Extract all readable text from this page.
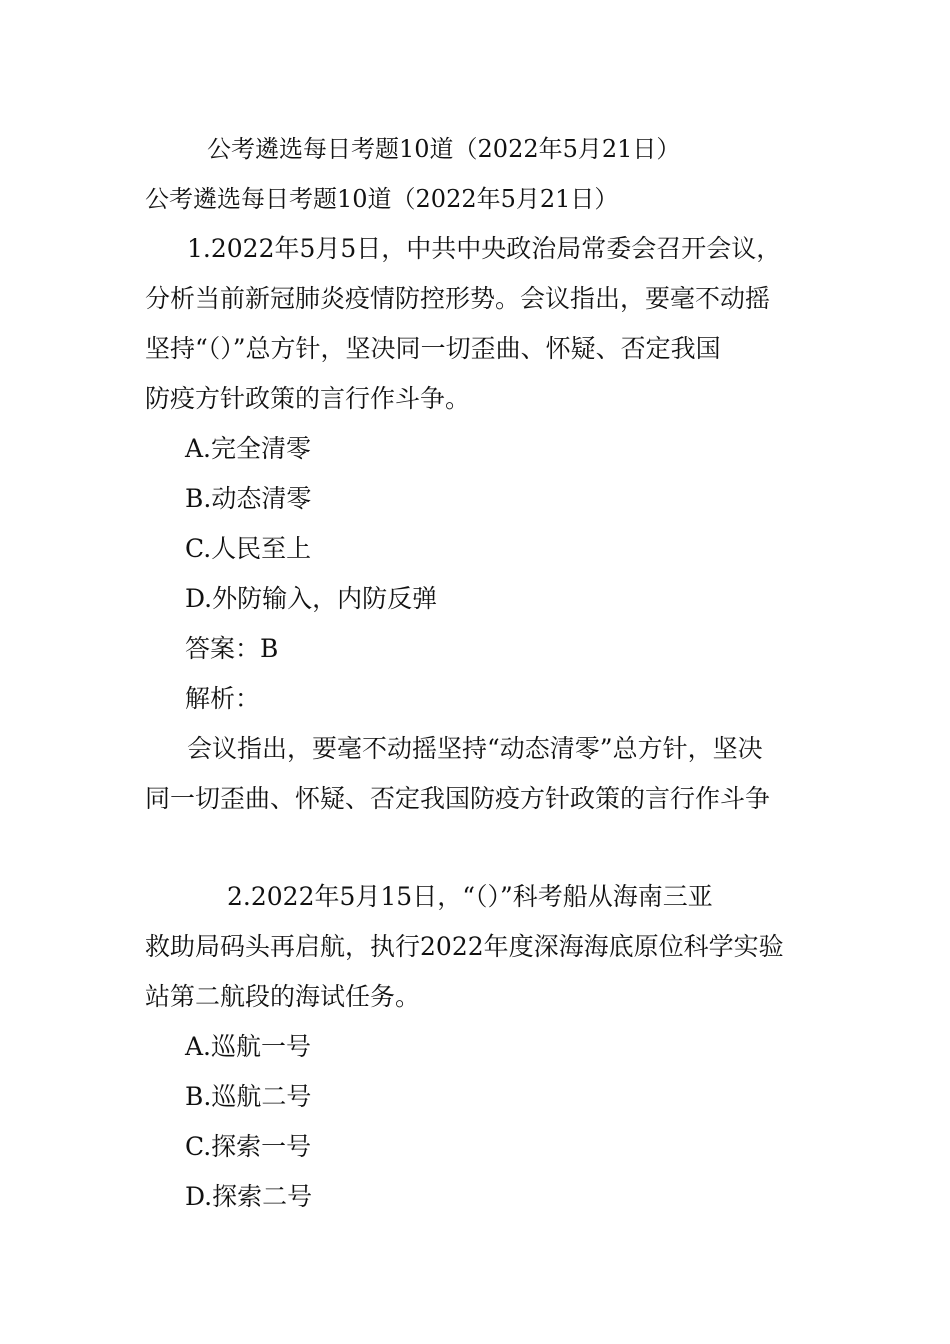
公考遴选每日考题10道（2022年5月21日）
公考遴选每日考题10道（2022年5月21日）
1.2022年5月5日，中共中央政治局常委会召开会议，
分析当前新冠肺炎疫情防控形势。会议指出，要毫不动摇
坚持“（）”总方针，坚决同一切歪曲、怀疑、否定我国
防疫方针政策的言行作斗争。
A.完全清零
B.动态清零
C.人民至上
D.外防输入，内防反弹
答案：B
解析：
会议指出，要毫不动摇坚持“动态清零”总方针，坚决
同一切歪曲、怀疑、否定我国防疫方针政策的言行作斗争
2.2022年5月15日，“（）”科考船从海南三亚
救助局码头再启航，执行2022年度深海海底原位科学实验
站第二航段的海试任务。
A.巡航一号
B.巡航二号
C.探索一号
D.探索二号
